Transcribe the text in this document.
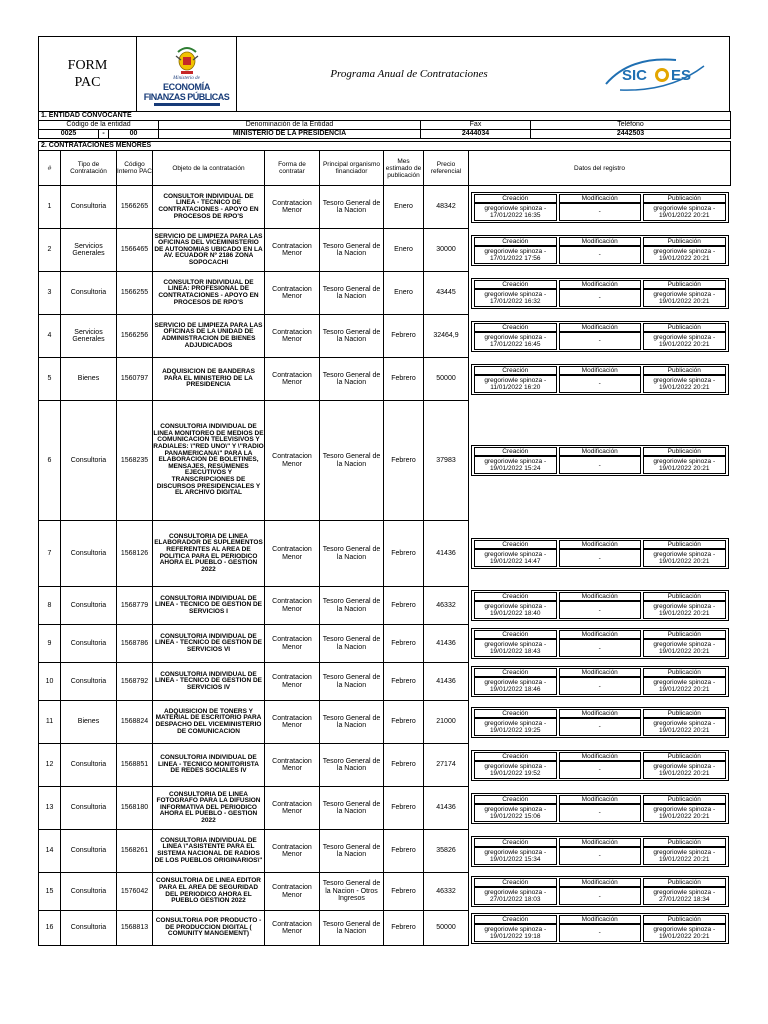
FORM
PAC	Ministerio de
ECONOMÍA
FINANZAS PÚBLICAS
Programa Anual de Contrataciones	SIC ES
1. ENTIDAD CONVOCANTE					
Código de la entidad			Denominación de la Entidad	Fax	Teléfono
0025	-	00	MINISTERIO DE LA PRESIDENCIA	2444034	2442503
2. CONTRATACIONES MENORES
#	Tipo de Contratación	Código Interno PAC	Objeto de la contratación	Forma de contratar	Principal organismo financiador	Mes estimado de publicación	Precio referencial	Datos del registro
1	Consultoria	1566265	CONSULTOR INDIVIDUAL DE LINEA - TECNICO DE CONTRATACIONES - APOYO EN PROCESOS DE RPO'S	Contratacion Menor	Tesoro General de la Nacion	Enero	48342	
Creación	Modificación	Publicación
gregoriowle spinoza - 17/01/2022 16:35	-	gregoriowle spinoza - 19/01/2022 20:21

2	Servicios Generales	1566465	SERVICIO DE LIMPIEZA PARA LAS OFICINAS DEL VICEMINISTERIO DE AUTONOMIAS UBICADO EN LA AV. ECUADOR Nº 2186 ZONA SOPOCACHI	Contratacion Menor	Tesoro General de la Nacion	Enero	30000	
Creación	Modificación	Publicación
gregoriowle spinoza - 17/01/2022 17:56	-	gregoriowle spinoza - 19/01/2022 20:21

3	Consultoria	1566255	CONSULTOR INDIVIDUAL DE LINEA: PROFESIONAL DE CONTRATACIONES - APOYO EN PROCESOS DE RPO'S	Contratacion Menor	Tesoro General de la Nacion	Enero	43445	
Creación	Modificación	Publicación
gregoriowle spinoza - 17/01/2022 16:32	-	gregoriowle spinoza - 19/01/2022 20:21

4	Servicios Generales	1566256	SERVICIO DE LIMPIEZA PARA LAS OFICINAS DE LA UNIDAD DE ADMINISTRACION DE BIENES ADJUDICADOS	Contratacion Menor	Tesoro General de la Nacion	Febrero	32464,9	
Creación	Modificación	Publicación
gregoriowle spinoza - 17/01/2022 16:45	-	gregoriowle spinoza - 19/01/2022 20:21

5	Bienes	1560797	ADQUISICION DE BANDERAS PARA EL MINISTERIO DE LA PRESIDENCIA	Contratacion Menor	Tesoro General de la Nacion	Febrero	50000	
Creación	Modificación	Publicación
gregoriowle spinoza - 11/01/2022 16:20	-	gregoriowle spinoza - 19/01/2022 20:21

6	Consultoria	1568235	CONSULTORIA INDIVIDUAL DE LINEA MONITOREO DE MEDIOS DE COMUNICACION TELEVISIVOS Y RADIALES: \"RED UNO\" Y \"RADIO PANAMERICANA\" PARA LA ELABORACION DE BOLETINES, MENSAJES, RESÚMENES EJECUTIVOS Y TRANSCRIPCIONES DE DISCURSOS PRESIDENCIALES Y EL ARCHIVO DIGITAL	Contratacion Menor	Tesoro General de la Nacion	Febrero	37983	
Creación	Modificación	Publicación
gregoriowle spinoza - 19/01/2022 15:24	-	gregoriowle spinoza - 19/01/2022 20:21

7	Consultoria	1568126	CONSULTORIA DE LINEA ELABORADOR DE SUPLEMENTOS REFERENTES AL AREA DE POLITICA PARA EL PERIODICO AHORA EL PUEBLO - GESTION 2022	Contratacion Menor	Tesoro General de la Nacion	Febrero	41436	
Creación	Modificación	Publicación
gregoriowle spinoza - 19/01/2022 14:47	-	gregoriowle spinoza - 19/01/2022 20:21

8	Consultoria	1568779	CONSULTORIA INDIVIDUAL DE LINEA - TECNICO DE GESTION DE SERVICIOS I	Contratacion Menor	Tesoro General de la Nacion	Febrero	46332	
Creación	Modificación	Publicación
gregoriowle spinoza - 19/01/2022 18:40	-	gregoriowle spinoza - 19/01/2022 20:21

9	Consultoria	1568786	CONSULTORIA INDIVIDUAL DE LINEA - TECNICO DE GESTION DE SERVICIOS VI	Contratacion Menor	Tesoro General de la Nacion	Febrero	41436	
Creación	Modificación	Publicación
gregoriowle spinoza - 19/01/2022 18:43	-	gregoriowle spinoza - 19/01/2022 20:21

10	Consultoria	1568792	CONSULTORIA INDIVIDUAL DE LINEA - TECNICO DE GESTION DE SERVICIOS IV	Contratacion Menor	Tesoro General de la Nacion	Febrero	41436	
Creación	Modificación	Publicación
gregoriowle spinoza - 19/01/2022 18:46	-	gregoriowle spinoza - 19/01/2022 20:21

11	Bienes	1568824	ADQUISICION DE TONERS Y MATERIAL DE ESCRITORIO PARA DESPACHO DEL VICEMINISTERIO DE COMUNICACION	Contratacion Menor	Tesoro General de la Nacion	Febrero	21000	
Creación	Modificación	Publicación
gregoriowle spinoza - 19/01/2022 19:25	-	gregoriowle spinoza - 19/01/2022 20:21

12	Consultoria	1568851	CONSULTORIA INDIVIDUAL DE LINEA - TECNICO MONITORISTA DE REDES SOCIALES IV	Contratacion Menor	Tesoro General de la Nacion	Febrero	27174	
Creación	Modificación	Publicación
gregoriowle spinoza - 19/01/2022 19:52	-	gregoriowle spinoza - 19/01/2022 20:21

13	Consultoria	1568180	CONSULTORIA DE LINEA FOTOGRAFO PARA LA DIFUSION INFORMATIVA DEL PERIODICO AHORA EL PUEBLO - GESTION 2022	Contratacion Menor	Tesoro General de la Nacion	Febrero	41436	
Creación	Modificación	Publicación
gregoriowle spinoza - 19/01/2022 15:06	-	gregoriowle spinoza - 19/01/2022 20:21

14	Consultoria	1568261	CONSULTORIA INDIVIDUAL DE LINEA \"ASISTENTE PARA EL SISTEMA NACIONAL DE RADIOS DE LOS PUEBLOS ORIGINARIOS\"	Contratacion Menor	Tesoro General de la Nacion	Febrero	35826	
Creación	Modificación	Publicación
gregoriowle spinoza - 19/01/2022 15:34	-	gregoriowle spinoza - 19/01/2022 20:21

15	Consultoria	1576042	CONSULTORIA DE LINEA EDITOR PARA EL AREA DE SEGURIDAD DEL PERIODICO AHORA EL PUEBLO GESTION 2022	Contratacion Menor	Tesoro General de la Nacion - Otros Ingresos	Febrero	46332	
Creación	Modificación	Publicación
gregoriowle spinoza - 27/01/2022 18:03	-	gregoriowle spinoza - 27/01/2022 18:34

16	Consultoria	1568813	CONSULTORIA POR PRODUCTO - DE PRODUCCION DIGITAL ( COMUNITY MANGEMENT)	Contratacion Menor	Tesoro General de la Nacion	Febrero	50000	
Creación	Modificación	Publicación
gregoriowle spinoza - 19/01/2022 19:18	-	gregoriowle spinoza - 19/01/2022 20:21
